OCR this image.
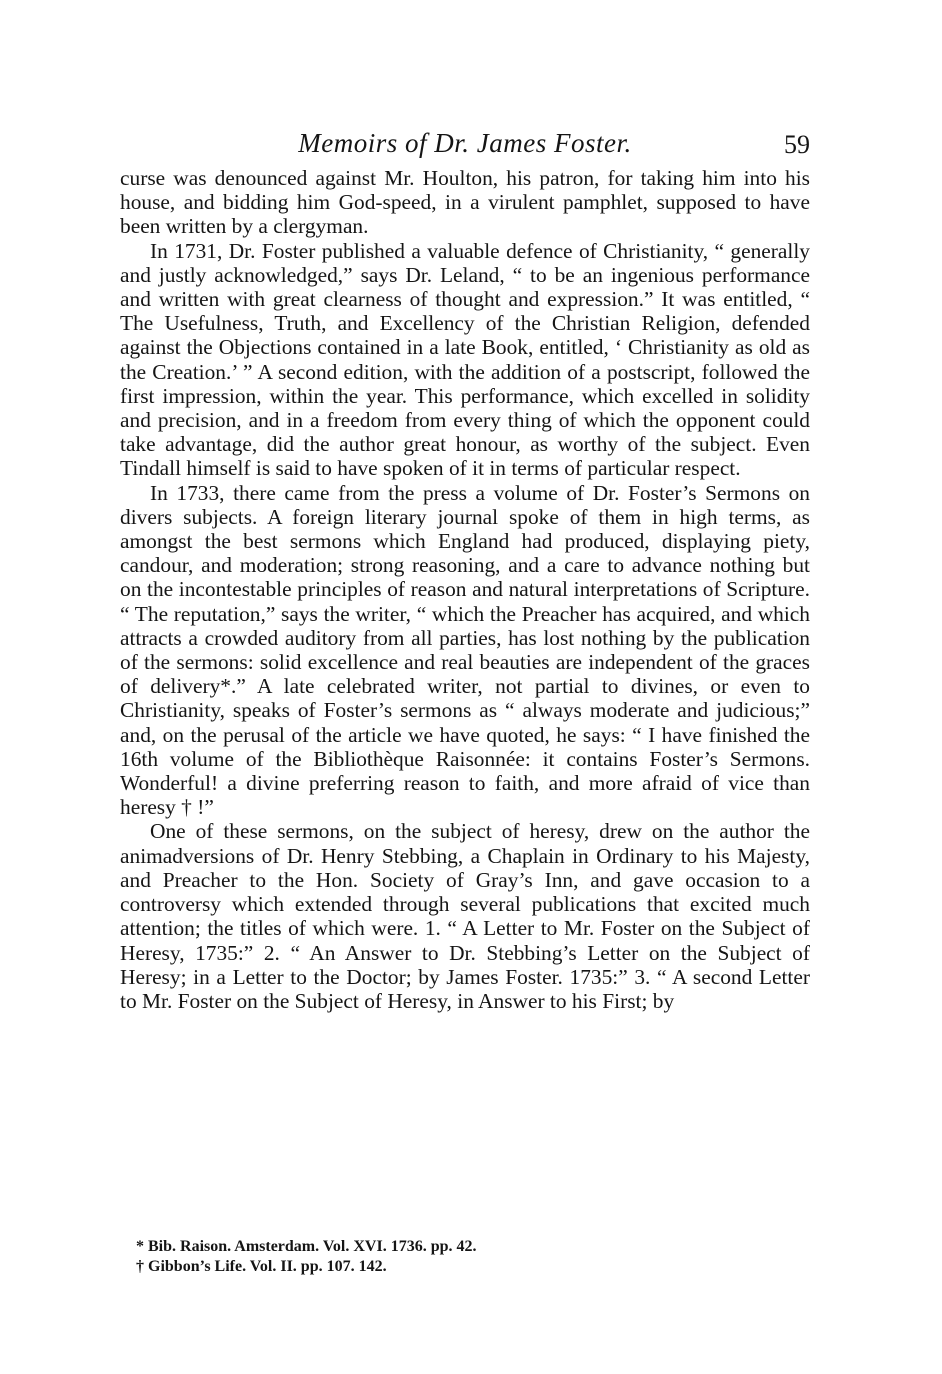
Memoirs of Dr. James Foster.	59

curse was denounced against Mr. Houlton, his patron, for taking him into his house, and bidding him God-speed, in a virulent pamphlet, supposed to have been written by a clergyman.

In 1731, Dr. Foster published a valuable defence of Christianity, “ generally and justly acknowledged,” says Dr. Leland, “ to be an ingenious performance and written with great clearness of thought and expression.” It was entitled, “ The Usefulness, Truth, and Excellency of the Christian Religion, defended against the Objections contained in a late Book, entitled, ‘ Christianity as old as the Creation.’ ” A second edition, with the addition of a postscript, followed the first impression, within the year. This performance, which excelled in solidity and precision, and in a freedom from every thing of which the opponent could take advantage, did the author great honour, as worthy of the subject. Even Tindall himself is said to have spoken of it in terms of particular respect.

In 1733, there came from the press a volume of Dr. Foster’s Sermons on divers subjects. A foreign literary journal spoke of them in high terms, as amongst the best sermons which England had produced, displaying piety, candour, and moderation; strong reasoning, and a care to advance nothing but on the incontestable principles of reason and natural interpretations of Scripture. “ The reputation,” says the writer, “ which the Preacher has acquired, and which attracts a crowded auditory from all parties, has lost nothing by the publication of the sermons: solid excellence and real beauties are independent of the graces of delivery*.” A late celebrated writer, not partial to divines, or even to Christianity, speaks of Foster’s sermons as “ always moderate and judicious;” and, on the perusal of the article we have quoted, he says: “ I have finished the 16th volume of the Bibliothèque Raisonnée: it contains Foster’s Sermons. Wonderful! a divine preferring reason to faith, and more afraid of vice than heresy † !”

One of these sermons, on the subject of heresy, drew on the author the animadversions of Dr. Henry Stebbing, a Chaplain in Ordinary to his Majesty, and Preacher to the Hon. Society of Gray’s Inn, and gave occasion to a controversy which extended through several publications that excited much attention; the titles of which were. 1. “ A Letter to Mr. Foster on the Subject of Heresy, 1735:” 2. “ An Answer to Dr. Stebbing’s Letter on the Subject of Heresy; in a Letter to the Doctor; by James Foster. 1735:” 3. “ A second Letter to Mr. Foster on the Subject of Heresy, in Answer to his First; by

* Bib. Raison. Amsterdam. Vol. XVI. 1736. pp. 42.

† Gibbon’s Life. Vol. II. pp. 107. 142.
